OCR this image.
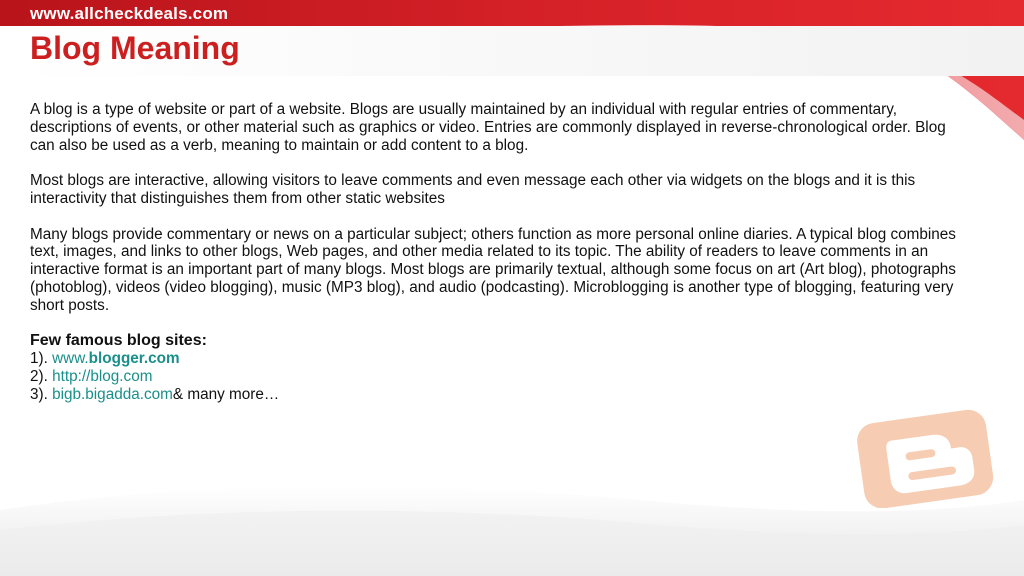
www.allcheckdeals.com
Blog Meaning

A blog is a type of website or part of a website. Blogs are usually maintained by an individual with regular entries of commentary, descriptions of events, or other material such as graphics or video. Entries are commonly displayed in reverse-chronological order. Blog can also be used as a verb, meaning to maintain or add content to a blog.

Most blogs are interactive, allowing visitors to leave comments and even message each other via widgets on the blogs and it is this interactivity that distinguishes them from other static websites

Many blogs provide commentary or news on a particular subject; others function as more personal online diaries. A typical blog combines text, images, and links to other blogs, Web pages, and other media related to its topic. The ability of readers to leave comments in an interactive format is an important part of many blogs. Most blogs are primarily textual, although some focus on art (Art blog), photographs (photoblog), videos (video blogging), music (MP3 blog), and audio (podcasting). Microblogging is another type of blogging, featuring very short posts.

Few famous blog sites:
1). www.blogger.com
2). http://blog.com
3). bigb.bigadda.com& many more…
